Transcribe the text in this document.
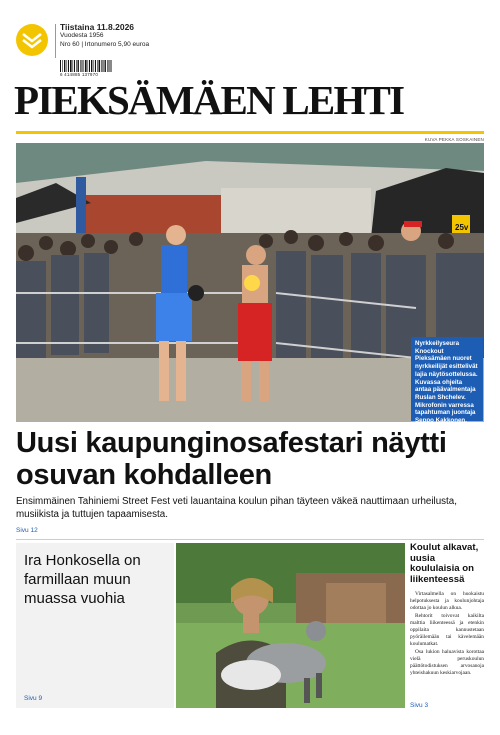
Tiistaina 11.8.2026
Vuodesta 1956
Nro 60 | Irtonumero 5,90 euroa
6 414885 137970
PIEKSÄMÄEN LEHTI
KUVA PEKKA SOSKAINEN
25v
Nyrkkeilyseura Knockout Pieksämäen nuoret nyrkkeilijät esittelivät lajia näytösottelussa. Kuvassa ohjeita antaa päävalmentaja Ruslan Shchelev. Mikrofonin varressa tapahtuman juontaja Seppo Kakkonen.
Uusi kaupunginosafestari näytti osuvan kohdalleen

Ensimmäinen Tahiniemi Street Fest veti lauantaina koulun pihan täyteen väkeä nauttimaan urheilusta, musiikista ja tuttujen tapaamisesta.

Sivu 12
Ira Honkosella on farmillaan muun muassa vuohia
Sivu 9
Koulut alkavat, uusia koululaisia on liikenteessä

Virtasalmella on huokaistu helpotuksesta ja koulunjohtaja odottaa jo koulun alkua.

Rehtorit toivovat kaikilta malttia liikenteessä ja etenkin oppilaita kannustetaan pyöräilemään tai kävelemään koulumatkat.

Osa lukion haluavista korottaa vielä peruskoulun päättötodistuksen arvosanoja yhteishakuun keskiarvojaan.

Sivu 3
